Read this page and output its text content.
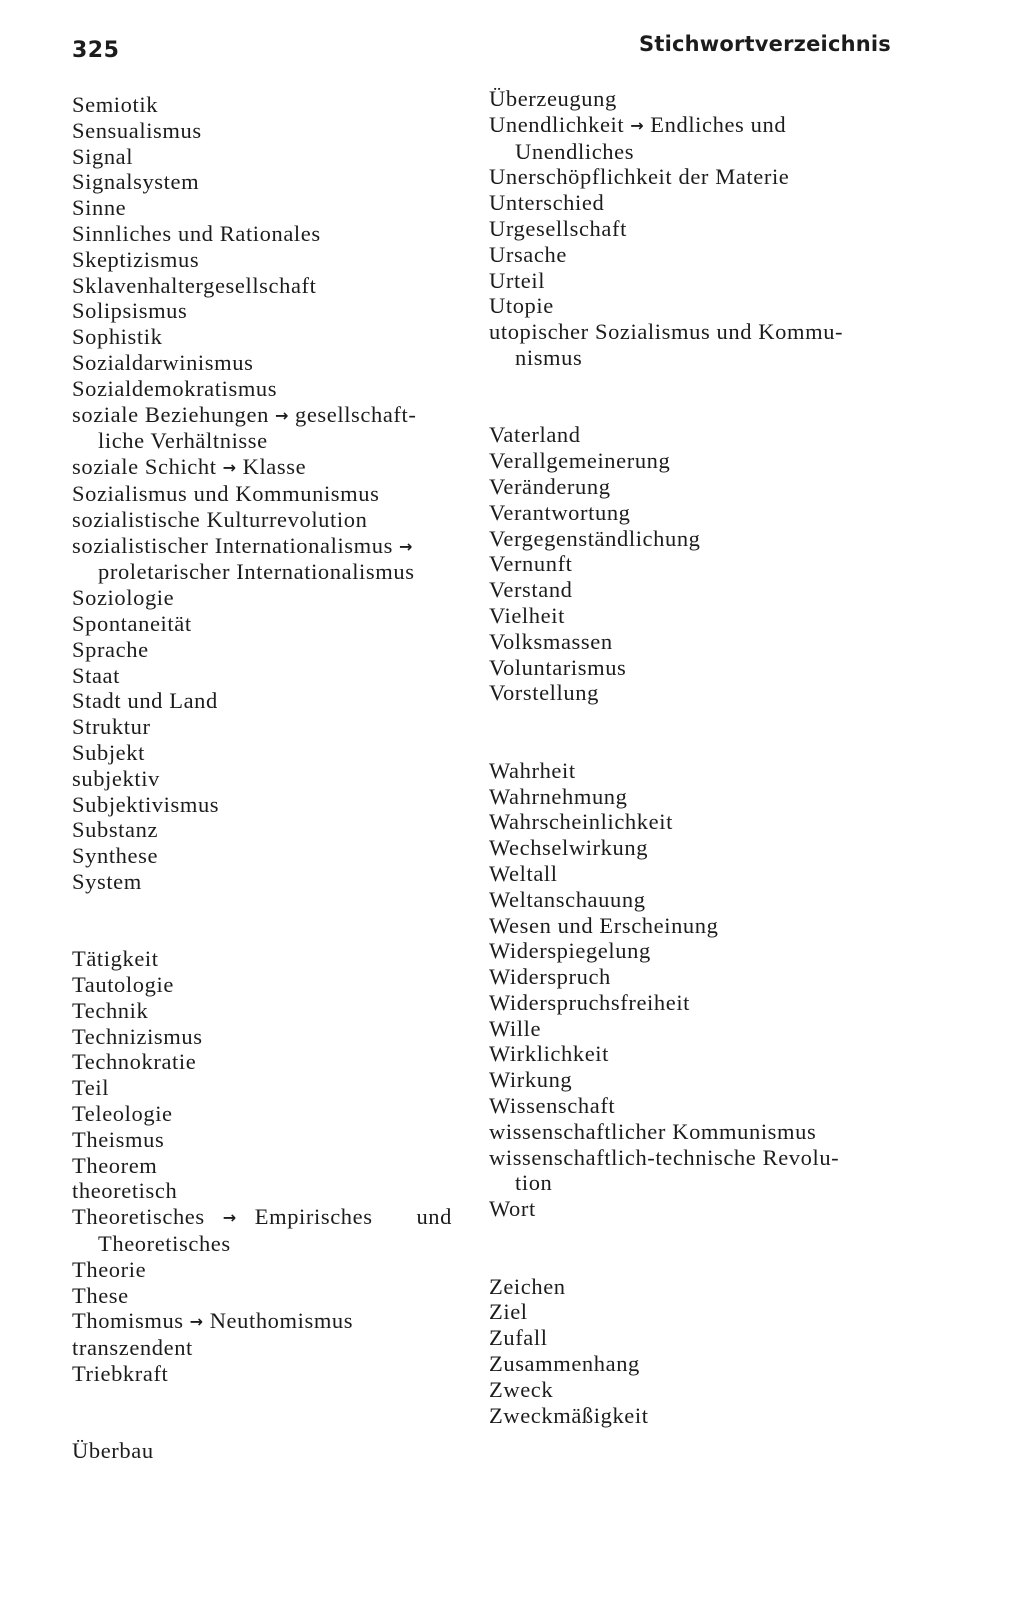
325	Stichwortverzeichnis
Semiotik
Sensualismus
Signal
Signalsystem
Sinne
Sinnliches und Rationales
Skeptizismus
Sklavenhaltergesellschaft
Solipsismus
Sophistik
Sozialdarwinismus
Sozialdemokratismus
soziale Beziehungen → gesellschaft-
liche Verhältnisse
soziale Schicht → Klasse
Sozialismus und Kommunismus
sozialistische Kulturrevolution
sozialistischer Internationalismus →
proletarischer Internationalismus
Soziologie
Spontaneität
Sprache
Staat
Stadt und Land
Struktur
Subjekt
subjektiv
Subjektivismus
Substanz
Synthese
System
Tätigkeit
Tautologie
Technik
Technizismus
Technokratie
Teil
Teleologie
Theismus
Theorem
theoretisch
Theoretisches → Empirisches und
Theoretisches
Theorie
These
Thomismus → Neuthomismus
transzendent
Triebkraft
Überbau
Überzeugung
Unendlichkeit → Endliches und
Unendliches
Unerschöpflichkeit der Materie
Unterschied
Urgesellschaft
Ursache
Urteil
Utopie
utopischer Sozialismus und Kommu-
nismus
Vaterland
Verallgemeinerung
Veränderung
Verantwortung
Vergegenständlichung
Vernunft
Verstand
Vielheit
Volksmassen
Voluntarismus
Vorstellung
Wahrheit
Wahrnehmung
Wahrscheinlichkeit
Wechselwirkung
Weltall
Weltanschauung
Wesen und Erscheinung
Widerspiegelung
Widerspruch
Widerspruchsfreiheit
Wille
Wirklichkeit
Wirkung
Wissenschaft
wissenschaftlicher Kommunismus
wissenschaftlich-technische Revolu-
tion
Wort
Zeichen
Ziel
Zufall
Zusammenhang
Zweck
Zweckmäßigkeit
